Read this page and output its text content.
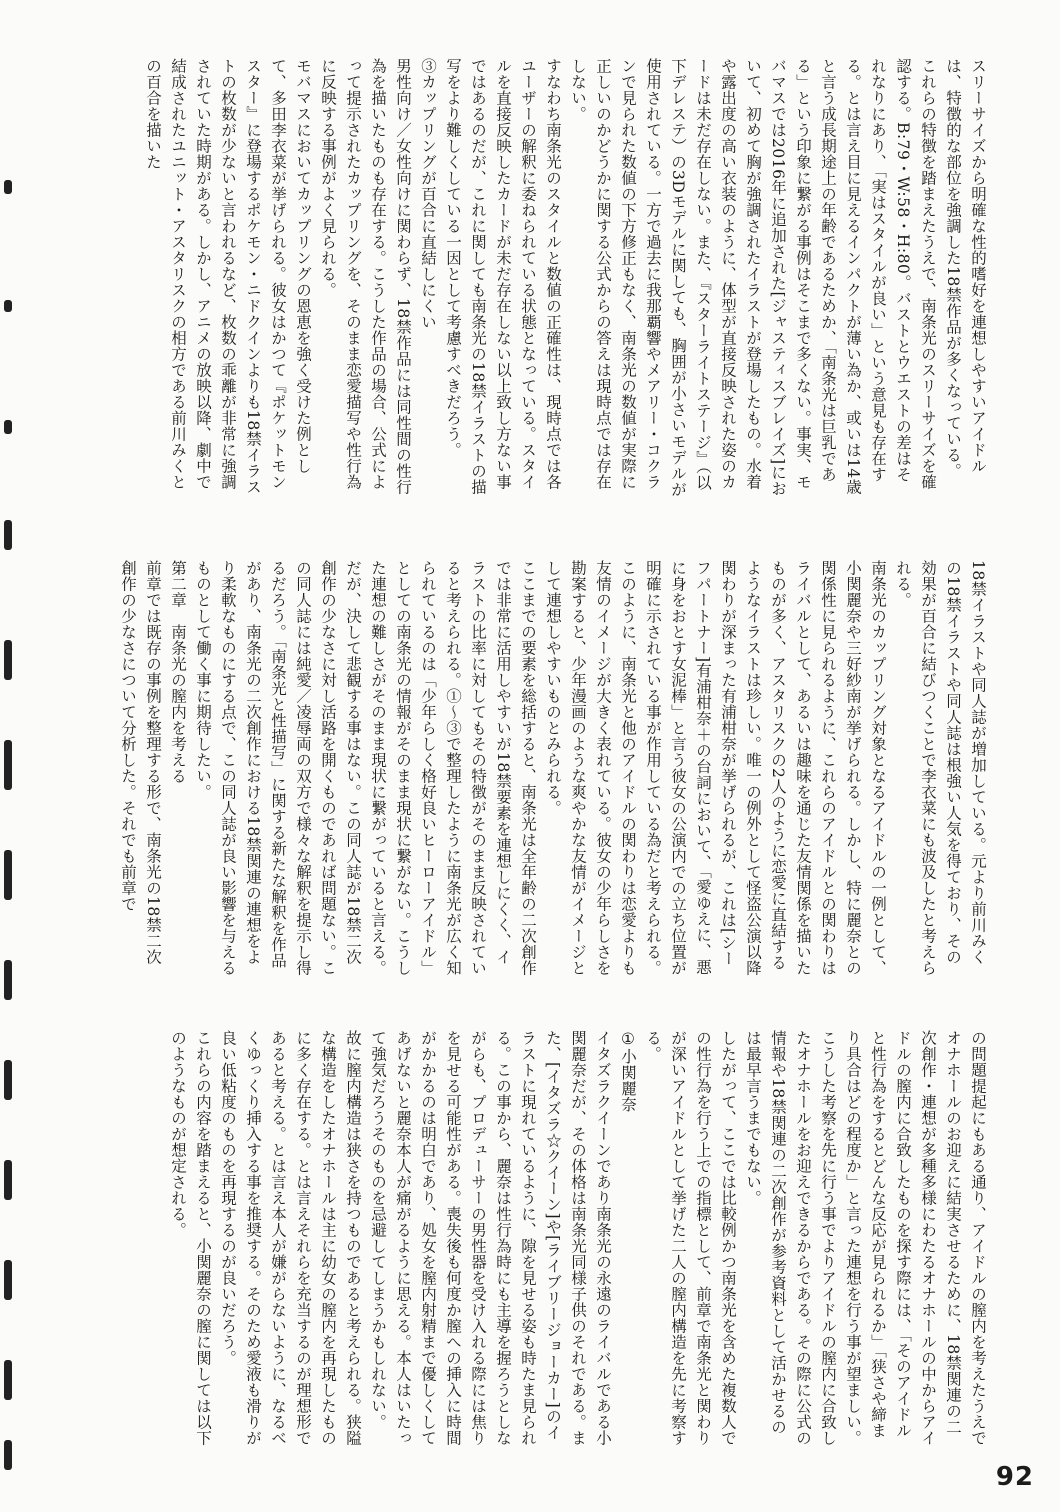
スリーサイズから明確な性的嗜好を連想しやすいアイドルは、特徴的な部位を強調した18禁作品が多くなっている。
これらの特徴を踏まえたうえで、南条光のスリーサイズを確認する。B:79・W:58・H:80。バストとウエストの差はそれなりにあり、「実はスタイルが良い」という意見も存在する。とは言え目に見えるインパクトが薄い為か、或いは14歳と言う成長期途上の年齢であるためか、「南条光は巨乳である」という印象に繋がる事例はそこまで多くない。事実、モバマスでは2016年に追加された[ジャスティスブレイズ]において、初めて胸が強調されたイラストが登場したもの。水着や露出度の高い衣装のように、体型が直接反映された姿のカードは未だ存在しない。また、『スターライトステージ』（以下デレステ）の3Dモデルに関しても、胸囲が小さいモデルが使用されている。一方で過去に我那覇響やメアリー・コクランで見られた数値の下方修正もなく、南条光の数値が実際に正しいのかどうかに関する公式からの答えは現時点では存在しない。
すなわち南条光のスタイルと数値の正確性は、現時点では各ユーザーの解釈に委ねられている状態となっている。スタイルを直接反映したカードが未だ存在しない以上致し方ない事ではあるのだが、これに関しても南条光の18禁イラストの描写をより難しくしている一因として考慮すべきだろう。
③カップリングが百合に直結しにくい
男性向け／女性向けに関わらず、18禁作品には同性間の性行為を描いたものも存在する。こうした作品の場合、公式によって提示されたカップリングを、そのまま恋愛描写や性行為に反映する事例がよく見られる。
モバマスにおいてカップリングの恩恵を強く受けた例として、多田李衣菜が挙げられる。彼女はかつて『ポケットモンスター』に登場するポケモン・ニドクインよりも18禁イラストの枚数が少ないと言われるなど、枚数の乖離が非常に強調されていた時期がある。しかし、アニメの放映以降、劇中で結成されたユニット・アスタリスクの相方である前川みくとの百合を描いた
18禁イラストや同人誌が増加している。元より前川みくの18禁イラストや同人誌は根強い人気を得ており、その効果が百合に結びつくことで李衣菜にも波及したと考えられる。
南条光のカップリング対象となるアイドルの一例として、小関麗奈や三好紗南が挙げられる。しかし、特に麗奈との関係性に見られるように、これらのアイドルとの関わりはライバルとして、あるいは趣味を通じた友情関係を描いたものが多く、アスタリスクの2人のように恋愛に直結するようなイラストは珍しい。唯一の例外として怪盗公演以降関わりが深まった有浦柑奈が挙げられるが、これは[シーフパートナー]有浦柑奈＋の台詞において、「愛ゆえに、悪に身をおとす女泥棒」と言う彼女の公演内での立ち位置が明確に示されている事が作用している為だと考えられる。
このように、南条光と他のアイドルの関わりは恋愛よりも友情のイメージが大きく表れている。彼女の少年らしさを勘案すると、少年漫画のような爽やかな友情がイメージとして連想しやすいものとみられる。
ここまでの要素を総括すると、南条光は全年齢の二次創作では非常に活用しやすいが18禁要素を連想しにくく、イラストの比率に対してもその特徴がそのまま反映されていると考えられる。①〜③で整理したように南条光が広く知られているのは「少年らしく格好良いヒーローアイドル」としての南条光の情報がそのまま現状に繋がない。こうした連想の難しさがそのまま現状に繋がっていると言える。
だが、決して悲観する事はない。この同人誌が18禁二次創作の少なさに対し活路を開くものであれば問題ない。この同人誌には純愛／凌辱両の双方で様々な解釈を提示し得るだろう。「南条光と性描写」に関する新たな解釈を作品があり、南条光の二次創作における18禁関連の連想をより柔軟なものにする点で、この同人誌が良い影響を与えるものとして働く事に期待したい。
第二章　南条光の膣内を考える
前章では既存の事例を整理する形で、南条光の18禁二次創作の少なさについて分析した。それでも前章で
の問題提起にもある通り、アイドルの膣内を考えたうえでオナホールのお迎えに結実させるために、18禁関連の二次創作・連想が多種多様にわたるオナホールの中からアイドルの膣内に合致したものを探す際には、「そのアイドルと性行為をするとどんな反応が見られるか」「狭さや締まり具合はどの程度か」と言った連想を行う事が望ましい。こうした考察を先に行う事でよりアイドルの膣内に合致したオナホールをお迎えできるからである。その際に公式の情報や18禁関連の二次創作が参考資料として活かせるのは最早言うまでもない。
したがって、ここでは比較例かつ南条光を含めた複数人での性行為を行う上での指標として、前章で南条光と関わりが深いアイドルとして挙げた二人の膣内構造を先に考察する。
①小関麗奈
イタズラクイーンであり南条光の永遠のライバルである小関麗奈だが、その体格は南条光同様子供のそれである。また、[イタズラ☆クイーン]や[ライブリージョーカー]のイラストに現れているように、隙を見せる姿も時たま見られる。この事から、麗奈は性行為時にも主導を握ろうとしながらも、プロデューサーの男性器を受け入れる際には焦りを見せる可能性がある。喪失後も何度か膣への挿入に時間がかかるのは明白であり、処女を膣内射精まで優しくしてあげないと麗奈本人が痛がるように思える。本人はいたって強気だろうそのものを忌避してしまうかもしれない。
故に膣内構造は狭さを持つものであると考えられる。狭隘な構造をしたオナホールは主に幼女の膣内を再現したものに多く存在する。とは言えそれらを充当するのが理想形であると考える。とは言え本人が嫌がらないように、なるべくゆっくり挿入する事を推奨する。そのため愛液も滑りが良い低粘度のものを再現するのが良いだろう。
これらの内容を踏まえると、小関麗奈の膣に関しては以下のようなものが想定される。
92
